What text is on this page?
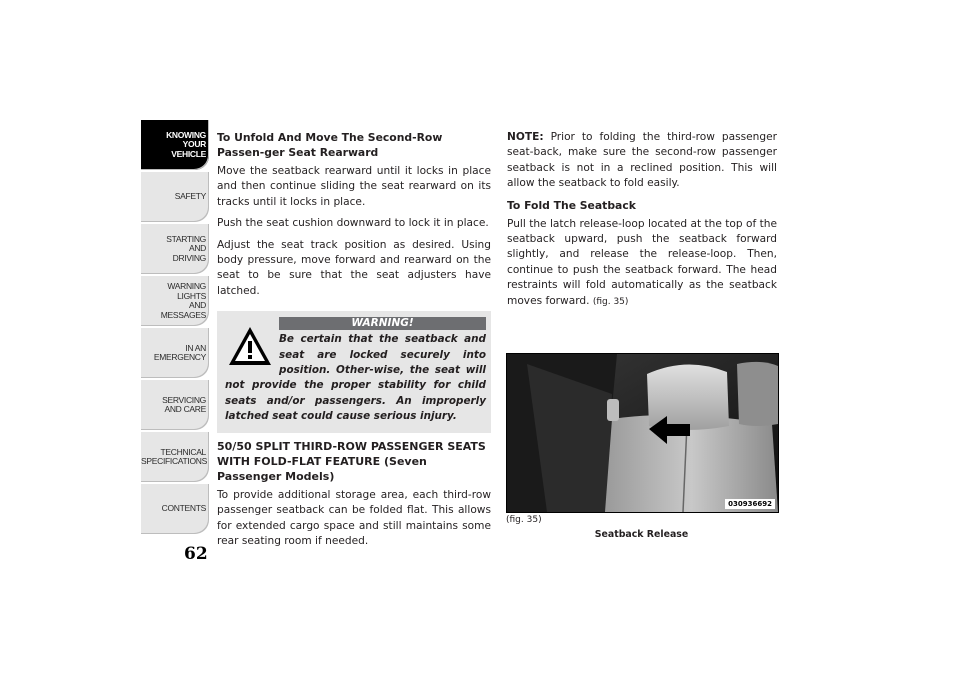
KNOWING
YOUR
VEHICLE
SAFETY
STARTING
AND
DRIVING
WARNING
LIGHTS
AND
MESSAGES
IN AN
EMERGENCY
SERVICING
AND CARE
TECHNICAL
SPECIFICATIONS
CONTENTS
62
To Unfold And Move The Second-Row Passen-ger Seat Rearward

Move the seatback rearward until it locks in place and then continue sliding the seat rearward on its tracks until it locks in place.

Push the seat cushion downward to lock it in place.

Adjust the seat track position as desired. Using body pressure, move forward and rearward on the seat to be sure that the seat adjusters have latched.

WARNING!
Be certain that the seatback and seat are locked securely into position. Other-wise, the seat will not provide the proper stability for child seats and/or passengers. An improperly latched seat could cause serious injury.
50/50 SPLIT THIRD-ROW PASSENGER SEATS WITH FOLD-FLAT FEATURE (Seven Passenger Models)

To provide additional storage area, each third-row passenger seatback can be folded flat. This allows for extended cargo space and still maintains some rear seating room if needed.

NOTE: Prior to folding the third-row passenger seat-back, make sure the second-row passenger seatback is not in a reclined position. This will allow the seatback to fold easily.

To Fold The Seatback

Pull the latch release-loop located at the top of the seatback upward, push the seatback forward slightly, and release the release-loop. Then, continue to push the seatback forward. The head restraints will fold automatically as the seatback moves forward. (fig. 35)

030936692
(fig. 35)
Seatback Release
